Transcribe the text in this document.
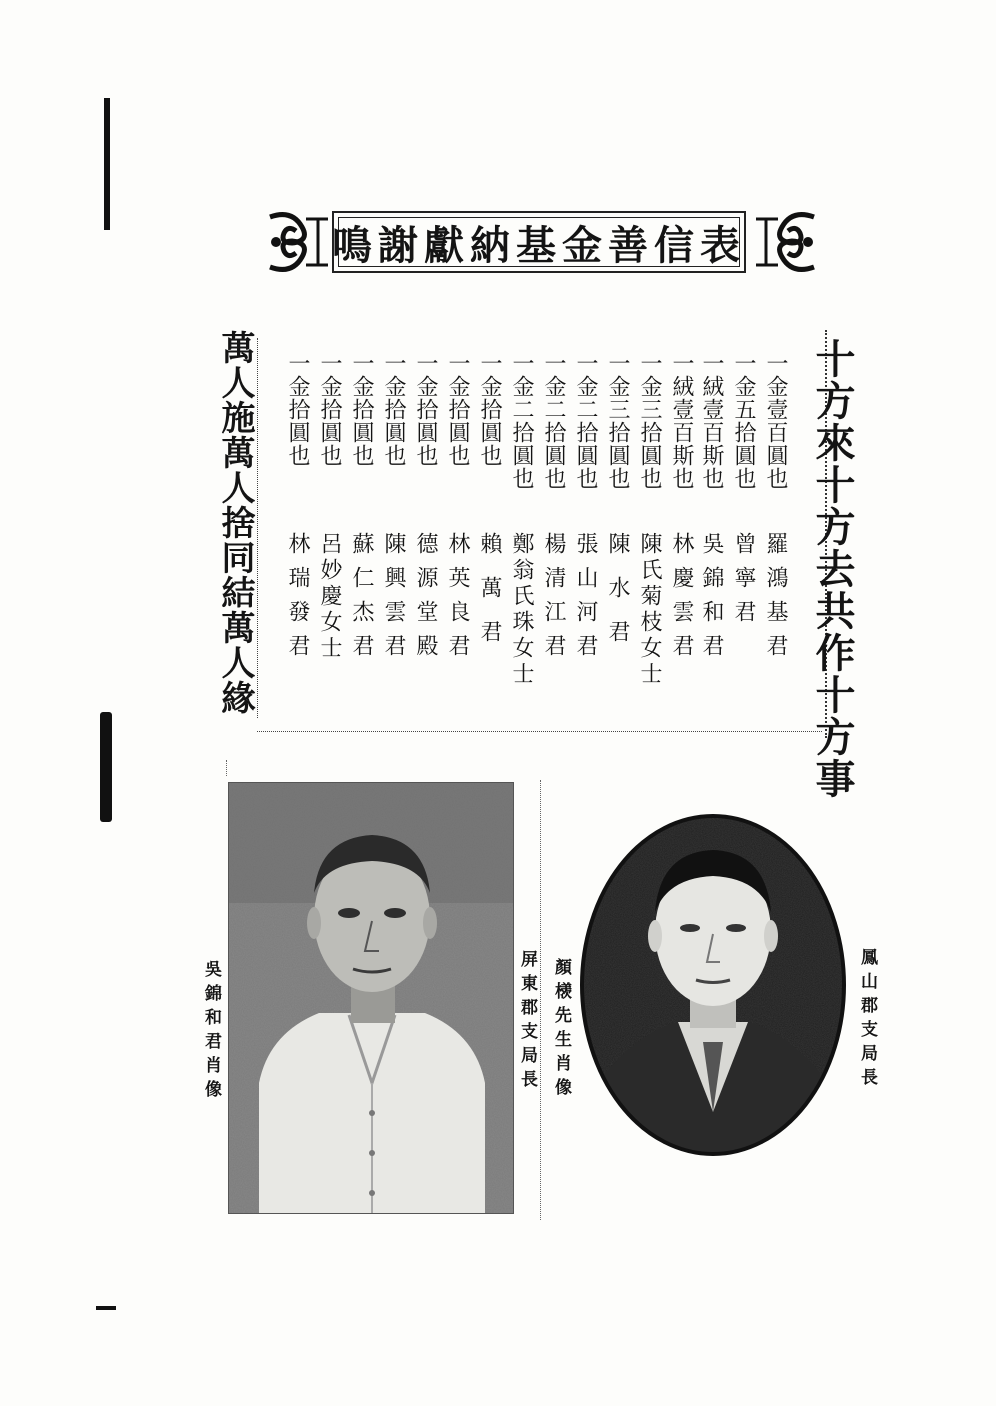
鳴謝獻納基金善信表
十方來十方去共作十方事
萬人施萬人捨同結萬人緣	一金壹百圓也
羅鴻基君
一金五拾圓也
曾寧君
一絨壹百斯也
吳錦和君
一絨壹百斯也
林慶雲君
一金三拾圓也
陳氏菊枝女士
一金三拾圓也
陳水君
一金二拾圓也
張山河君
一金二拾圓也
楊清江君
一金二拾圓也
鄭翁氏珠女士
一金拾圓也
賴萬君
一金拾圓也
林英良君
一金拾圓也
德源堂殿
一金拾圓也
陳興雲君
一金拾圓也
蘇仁杰君
一金拾圓也
呂妙慶女士
一金拾圓也
林瑞發君
吳錦和君肖像	屏東郡支局長 顏檨先生肖像	鳳山郡支局長
